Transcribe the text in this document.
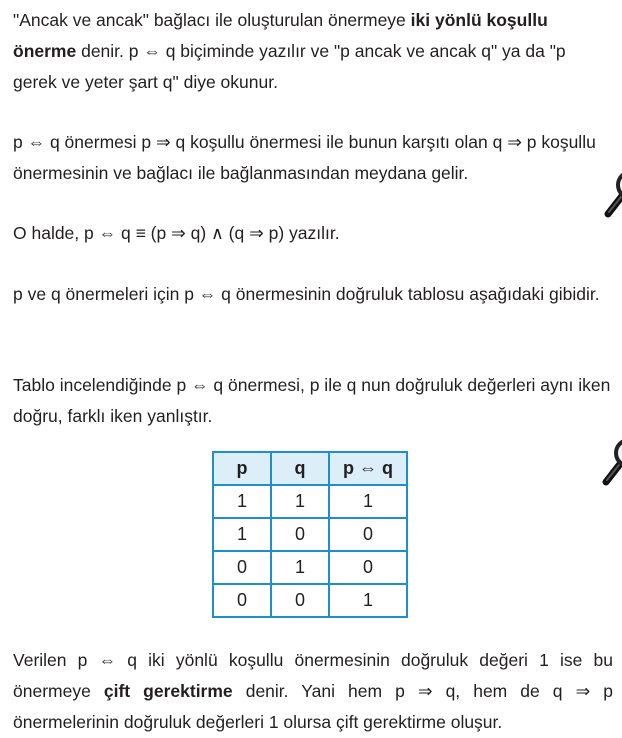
"Ancak ve ancak" bağlacı ile oluşturulan önermeye iki yönlü koşullu önerme denir. p ⇔ q biçiminde yazılır ve "p ancak ve ancak q" ya da "p gerek ve yeter şart q" diye okunur.

p ⇔ q önermesi p ⇒ q koşullu önermesi ile bunun karşıtı olan q ⇒ p koşullu önermesinin ve bağlacı ile bağlanmasından meydana gelir.

O halde, p ⇔ q ≡ (p ⇒ q) ∧ (q ⇒ p) yazılır.

p ve q önermeleri için p ⇔ q önermesinin doğruluk tablosu aşağıdaki gibidir.

Tablo incelendiğinde p ⇔ q önermesi, p ile q nun doğruluk değerleri aynı iken doğru, farklı iken yanlıştır.

p	q	p ⇔ q
1	1	1
1	0	0
0	1	0
0	0	1

Verilen p ⇔ q iki yönlü koşullu önermesinin doğruluk değeri 1 ise bu önermeye çift gerektirme denir. Yani hem p ⇒ q, hem de q ⇒ p önermelerinin doğruluk değerleri 1 olursa çift gerektirme oluşur.
